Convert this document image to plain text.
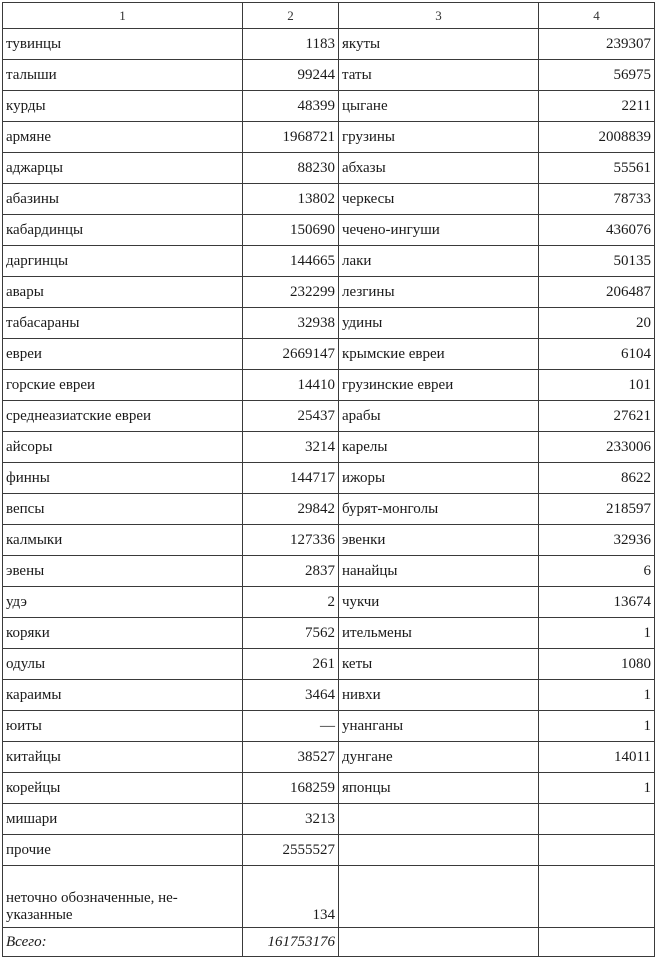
1	2	3	4
тувинцы	1183	якуты	239307
талыши	99244	таты	56975
курды	48399	цыгане	2211
армяне	1968721	грузины	2008839
аджарцы	88230	абхазы	55561
абазины	13802	черкесы	78733
кабардинцы	150690	чечено-ингуши	436076
даргинцы	144665	лаки	50135
авары	232299	лезгины	206487
табасараны	32938	удины	20
евреи	2669147	крымские евреи	6104
горские евреи	14410	грузинские евреи	101
среднеазиатские евреи	25437	арабы	27621
айсоры	3214	карелы	233006
финны	144717	ижоры	8622
вепсы	29842	бурят-монголы	218597
калмыки	127336	эвенки	32936
эвены	2837	нанайцы	6
удэ	2	чукчи	13674
коряки	7562	ительмены	1
одулы	261	кеты	1080
караимы	3464	нивхи	1
юиты	—	унанганы	1
китайцы	38527	дунгане	14011
корейцы	168259	японцы	1
мишари	3213		
прочие	2555527		
неточно обозначенные, не-указанные	134		
Всего:	161753176		
